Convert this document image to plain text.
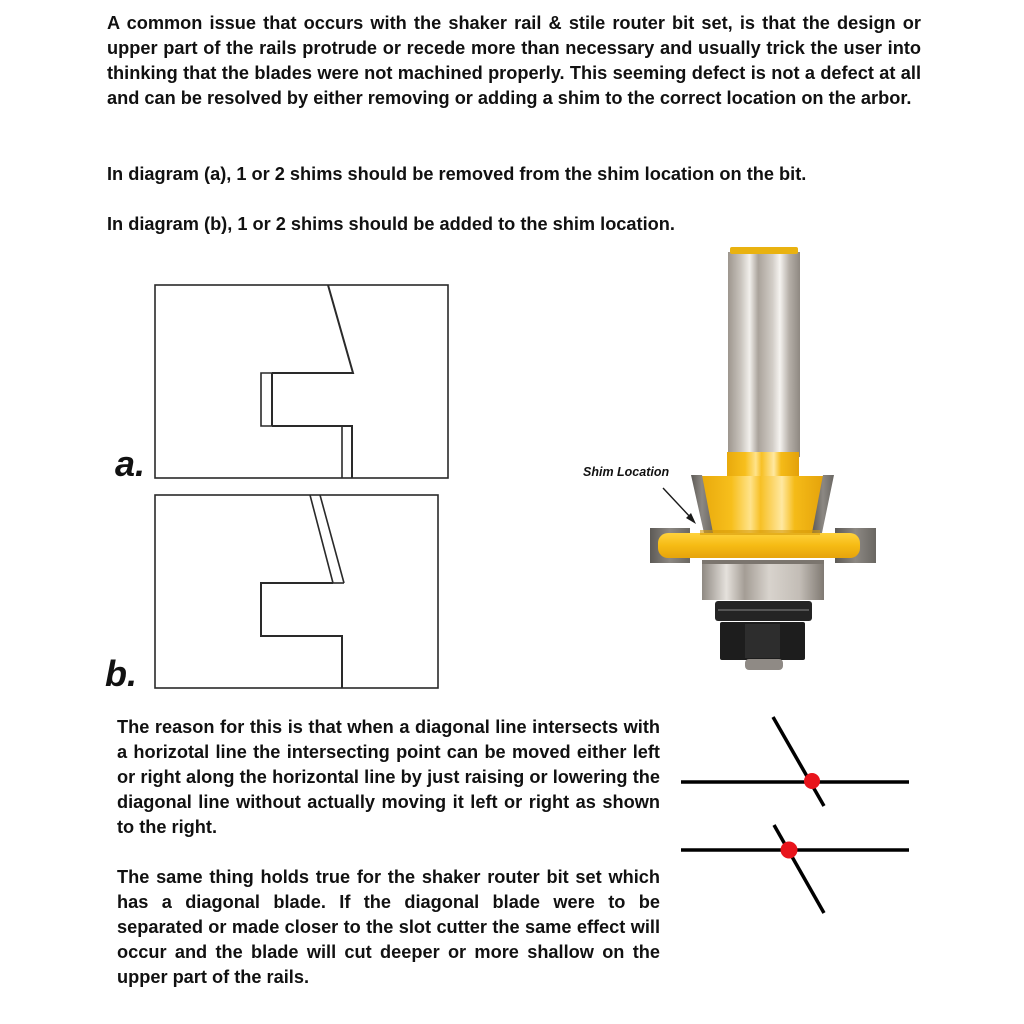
A common issue that occurs with the shaker rail & stile router bit set, is that the design or upper part of the rails protrude or recede more than necessary and usually trick the user into thinking that the blades were not machined properly. This seeming defect is not a defect at all and can be resolved by either removing or adding a shim to the correct location on the arbor.

In diagram (a), 1 or 2 shims should be removed from the shim location on the bit.

In diagram (b), 1 or 2 shims should be added to the shim location.

a.
b.
Shim Location

The reason for this is that when a diagonal line intersects with a horizotal line the intersecting point can be moved either left or right along the horizontal line by just raising or lowering the diagonal line without actually moving it left or right as shown to the right.

The same thing holds true for the shaker router bit set which has a diagonal blade. If the diagonal blade were to be separated or made closer to the slot cutter the same effect will occur and the blade will cut deeper or more shallow on the upper part of the rails.
